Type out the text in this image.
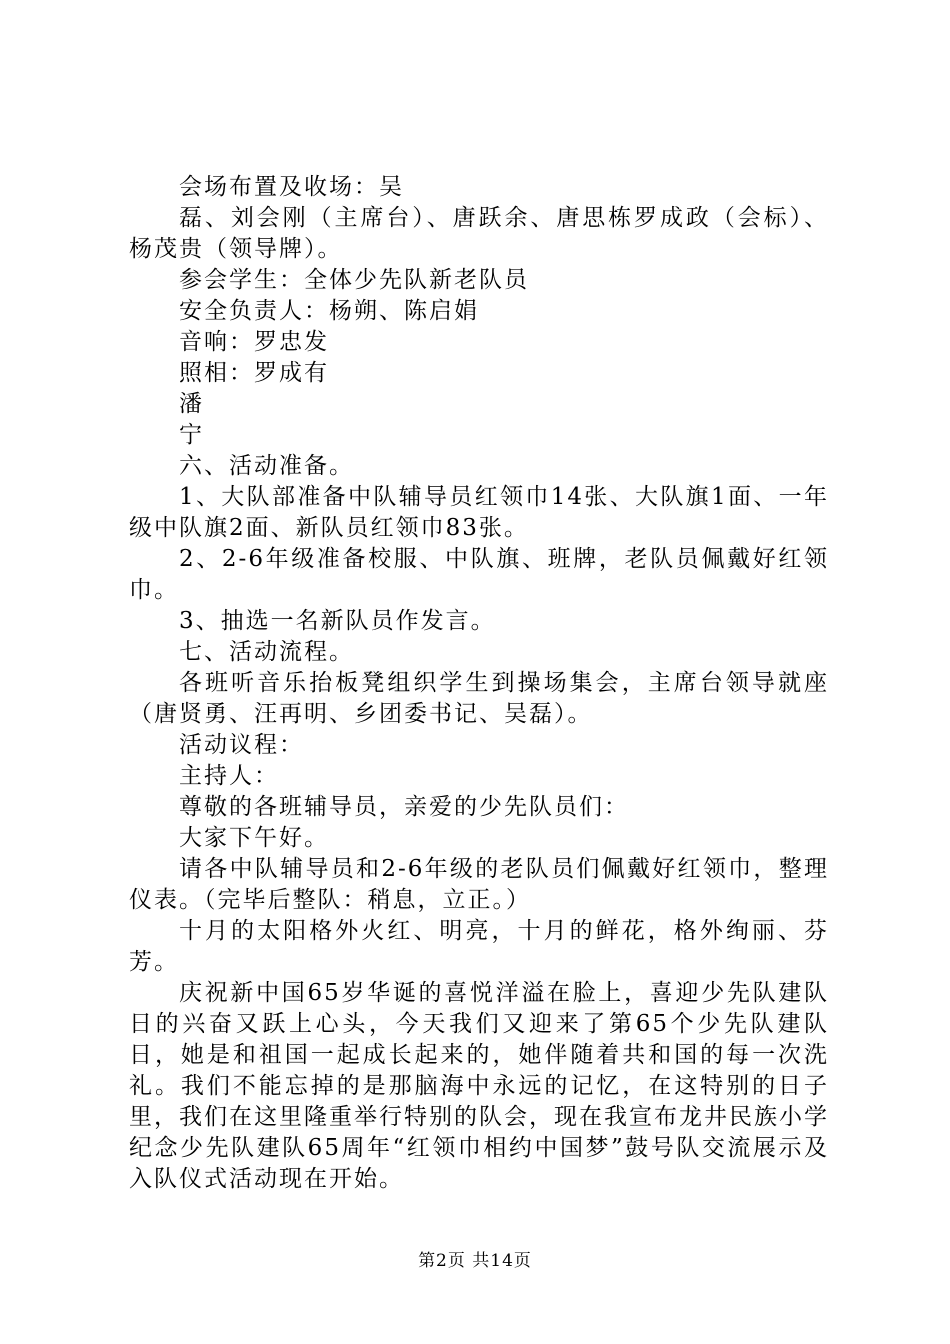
会场布置及收场：吴

磊、刘会刚（主席台）、唐跃余、唐思栋罗成政（会标）、杨茂贵（领导牌）。

参会学生：全体少先队新老队员

安全负责人：杨朔、陈启娟

音响：罗忠发

照相：罗成有

潘

宁

六、活动准备。

1、大队部准备中队辅导员红领巾14张、大队旗1面、一年级中队旗2面、新队员红领巾83张。

2、2-6年级准备校服、中队旗、班牌，老队员佩戴好红领巾。

3、抽选一名新队员作发言。

七、活动流程。

各班听音乐抬板凳组织学生到操场集会，主席台领导就座（唐贤勇、汪再明、乡团委书记、吴磊）。

活动议程：

主持人：

尊敬的各班辅导员，亲爱的少先队员们：

大家下午好。

请各中队辅导员和2-6年级的老队员们佩戴好红领巾，整理仪表。（完毕后整队：稍息，立正。）

十月的太阳格外火红、明亮，十月的鲜花，格外绚丽、芬芳。

庆祝新中国65岁华诞的喜悦洋溢在脸上，喜迎少先队建队日的兴奋又跃上心头，今天我们又迎来了第65个少先队建队日，她是和祖国一起成长起来的，她伴随着共和国的每一次洗礼。我们不能忘掉的是那脑海中永远的记忆，在这特别的日子里，我们在这里隆重举行特别的队会，现在我宣布龙井民族小学纪念少先队建队65周年“红领巾相约中国梦”鼓号队交流展示及入队仪式活动现在开始。

第2页 共14页
